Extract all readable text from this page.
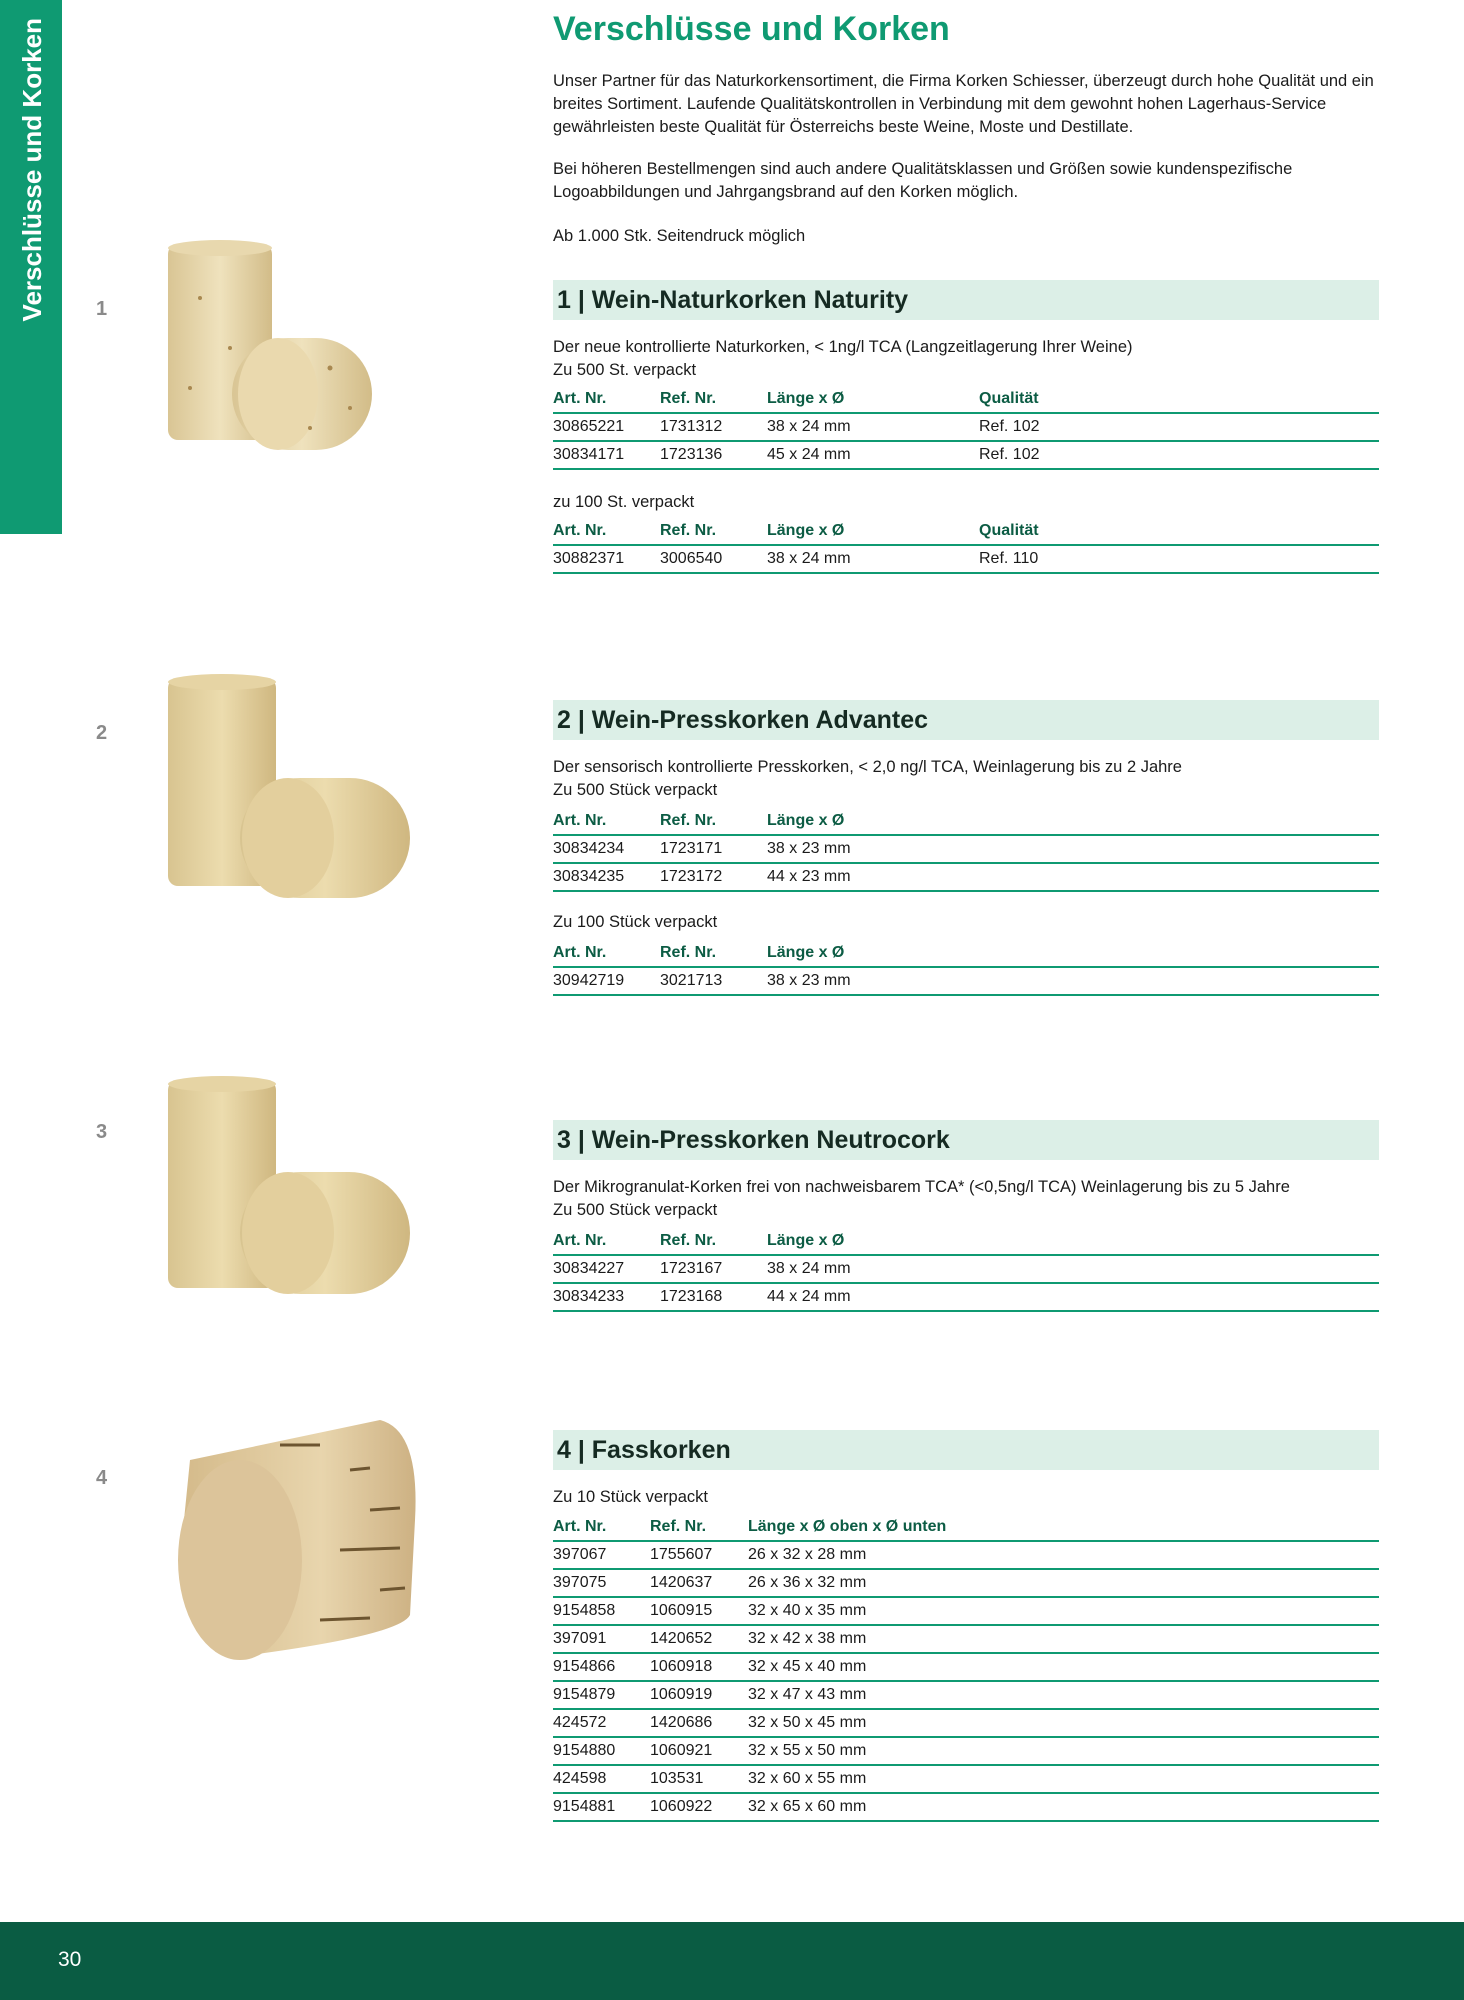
Verschlüsse und Korken	Verschlüsse und Korken

Unser Partner für das Naturkorkensortiment, die Firma Korken Schiesser, überzeugt durch hohe Qualität und ein breites Sortiment. Laufende Qualitätskontrollen in Verbindung mit dem gewohnt hohen Lagerhaus-Service gewährleisten beste Qualität für Österreichs beste Weine, Moste und Destillate.

Bei höheren Bestellmengen sind auch andere Qualitätsklassen und Größen sowie kundenspezifische Logoabbildungen und Jahrgangsbrand auf den Korken möglich.

Ab 1.000 Stk. Seitendruck möglich

1	1 | Wein-Naturkorken Naturity
Der neue kontrollierte Naturkorken, < 1ng/l TCA (Langzeitlagerung Ihrer Weine)
Zu 500 St. verpackt
Art. Nr.	Ref. Nr.	Länge x Ø	Qualität
30865221	1731312	38 x 24 mm	Ref. 102
30834171	1723136	45 x 24 mm	Ref. 102
zu 100 St. verpackt
Art. Nr.	Ref. Nr.	Länge x Ø	Qualität
30882371	3006540	38 x 24 mm	Ref. 110
2	2 | Wein-Presskorken Advantec
Der sensorisch kontrollierte Presskorken, < 2,0 ng/l TCA, Weinlagerung bis zu 2 Jahre
Zu 500 Stück verpackt
Art. Nr.	Ref. Nr.	Länge x Ø
30834234	1723171	38 x 23 mm
30834235	1723172	44 x 23 mm
Zu 100 Stück verpackt
Art. Nr.	Ref. Nr.	Länge x Ø
30942719	3021713	38 x 23 mm
3	3 | Wein-Presskorken Neutrocork
Der Mikrogranulat-Korken frei von nachweisbarem TCA* (<0,5ng/l TCA) Weinlagerung bis zu 5 Jahre
Zu 500 Stück verpackt
Art. Nr.	Ref. Nr.	Länge x Ø
30834227	1723167	38 x 24 mm
30834233	1723168	44 x 24 mm
4
4 | Fasskorken
Zu 10 Stück verpackt
Art. Nr.	Ref. Nr.	Länge x Ø oben x Ø unten
397067	1755607	26 x 32 x 28 mm
397075	1420637	26 x 36 x 32 mm
9154858	1060915	32 x 40 x 35 mm
397091	1420652	32 x 42 x 38 mm
9154866	1060918	32 x 45 x 40 mm
9154879	1060919	32 x 47 x 43 mm
424572	1420686	32 x 50 x 45 mm
9154880	1060921	32 x 55 x 50 mm
424598	103531	32 x 60 x 55 mm
9154881	1060922	32 x 65 x 60 mm
30
